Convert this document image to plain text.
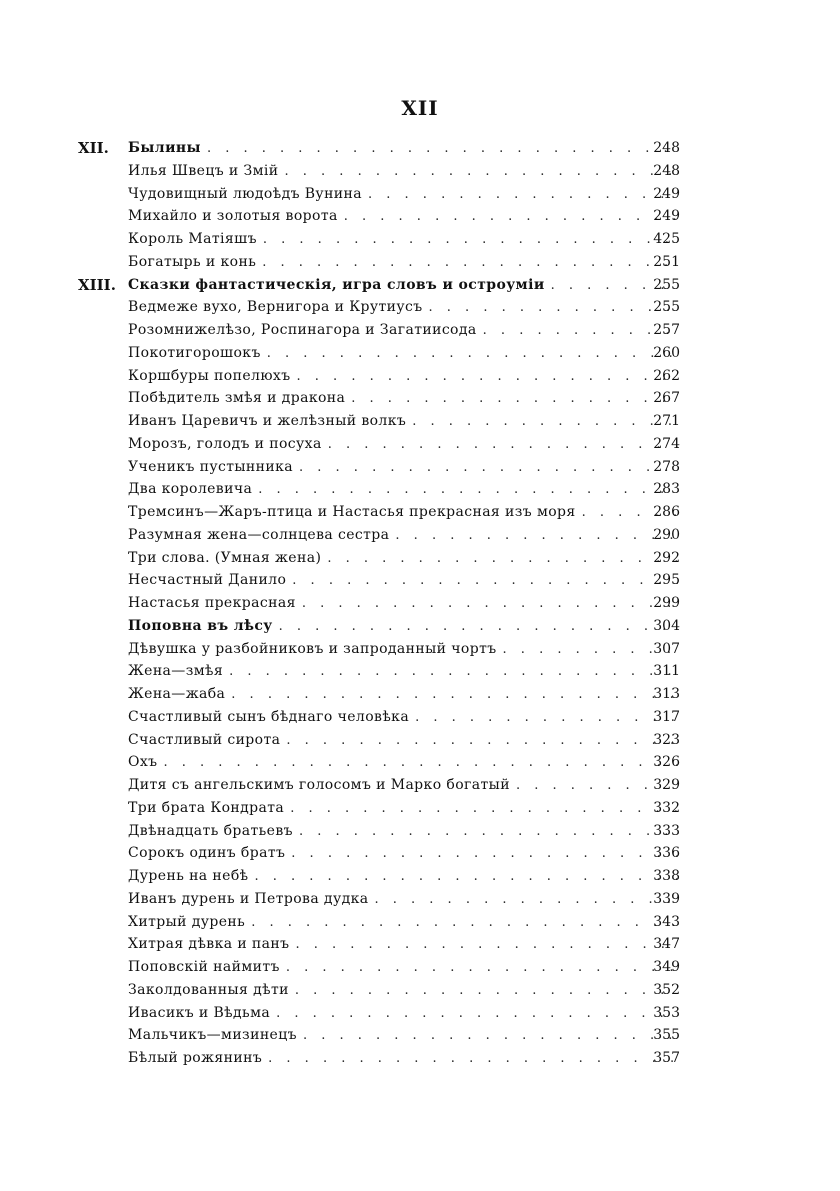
XII
XII.	Былины . . .	248
Илья Швецъ и Змій . . .	248
Чудовищный людоѣдъ Вунина . . .	249
Михайло и золотыя ворота . . .	249
Король Матіяшъ . . .	425
Богатырь и конь . . .	251
XIII. Сказки фантастическія, игра словъ и остроуміи . . .	255
Ведмеже вухо, Вернигора и Крутиусъ . . .	255
Розомнижелѣзо, Роспинагора и Загатиисода . . .	257
Покотигорошокъ . . .	260
Коршбуры попелюхъ . . .	262
Побѣдитель змѣя и дракона . . .	267
Иванъ Царевичъ и желѣзный волкъ . . .	271
Морозъ, голодъ и посуха . . .	274
Ученикъ пустынника . . .	278
Два королевича . . .	283
Тремсинъ—Жаръ-птица и Настасья прекрасная изъ моря . . .	286
Разумная жена—солнцева сестра . . .	290
Три слова. (Умная жена) . . .	292
Несчастный Данило . . .	295
Настасья прекрасная . . .	299
Поповна въ лѣсу . . .	304
Дѣвушка у разбойниковъ и запроданный чортъ . . .	307
Жена—змѣя . . .	311
Жена—жаба . . .	313
Счастливый сынъ бѣднаго человѣка . . .	317
Счастливый сирота . . .	323
Охъ . . .	326
Дитя съ ангельскимъ голосомъ и Марко богатый . . .	329
Три брата Кондрата . . .	332
Двѣнадцать братьевъ . . .	333
Сорокъ одинъ братъ . . .	336
Дурень на небѣ . . .	338
Иванъ дурень и Петрова дудка . . .	339
Хитрый дурень . . .	343
Хитрая дѣвка и панъ . . .	347
Поповскій наймитъ . . .	349
Заколдованныя дѣти . . .	352
Ивасикъ и Вѣдьма . . .	353
Мальчикъ—мизинецъ . . .	355
Бѣлый рожянинъ . . .	357
